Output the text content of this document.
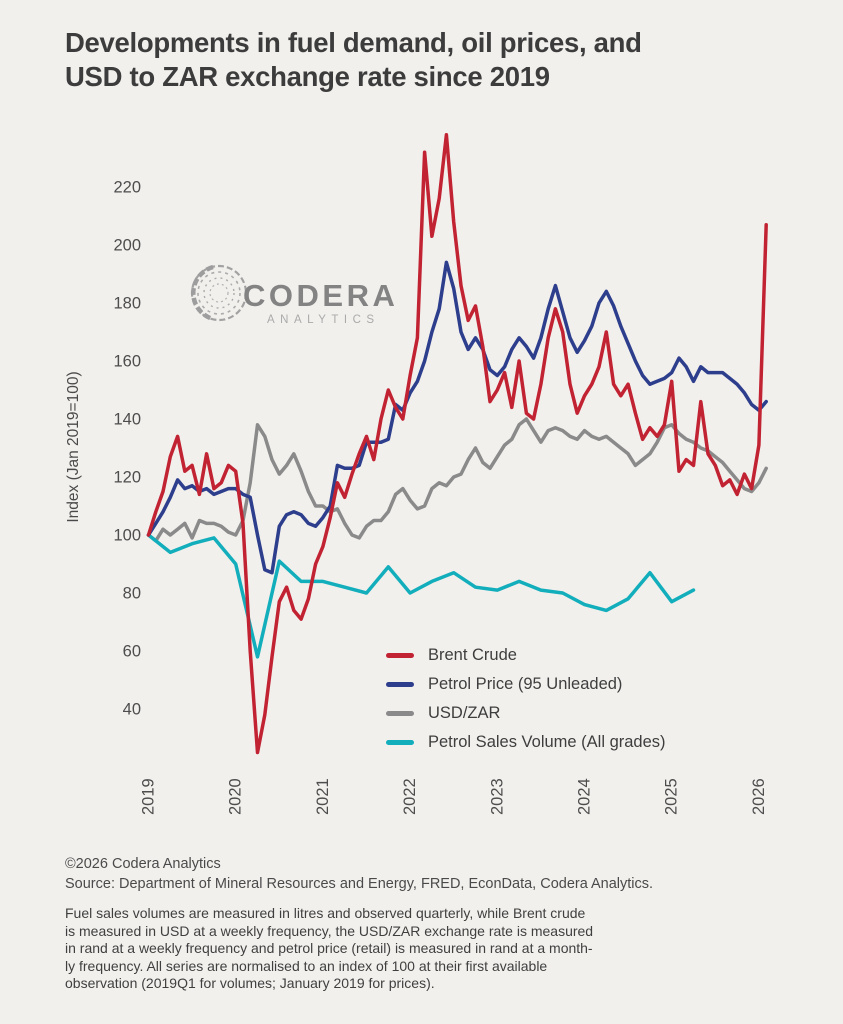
Developments in fuel demand, oil prices, and
USD to ZAR exchange rate since 2019
CODERA
ANALYTICS
Index (Jan 2019=100)
40
60
80
100
120
140
160
180
200
220
2019	2020	2021	2022	2023	2024	2025	2026
Brent Crude
Petrol Price (95 Unleaded)
USD/ZAR
Petrol Sales Volume (All grades)
©2026 Codera Analytics
Source: Department of Mineral Resources and Energy, FRED, EconData, Codera Analytics.
Fuel sales volumes are measured in litres and observed quarterly, while Brent crude
is measured in USD at a weekly frequency, the USD/ZAR exchange rate is measured
in rand at a weekly frequency and petrol price (retail) is measured in rand at a month-
ly frequency. All series are normalised to an index of 100 at their first available
observation (2019Q1 for volumes; January 2019 for prices).
